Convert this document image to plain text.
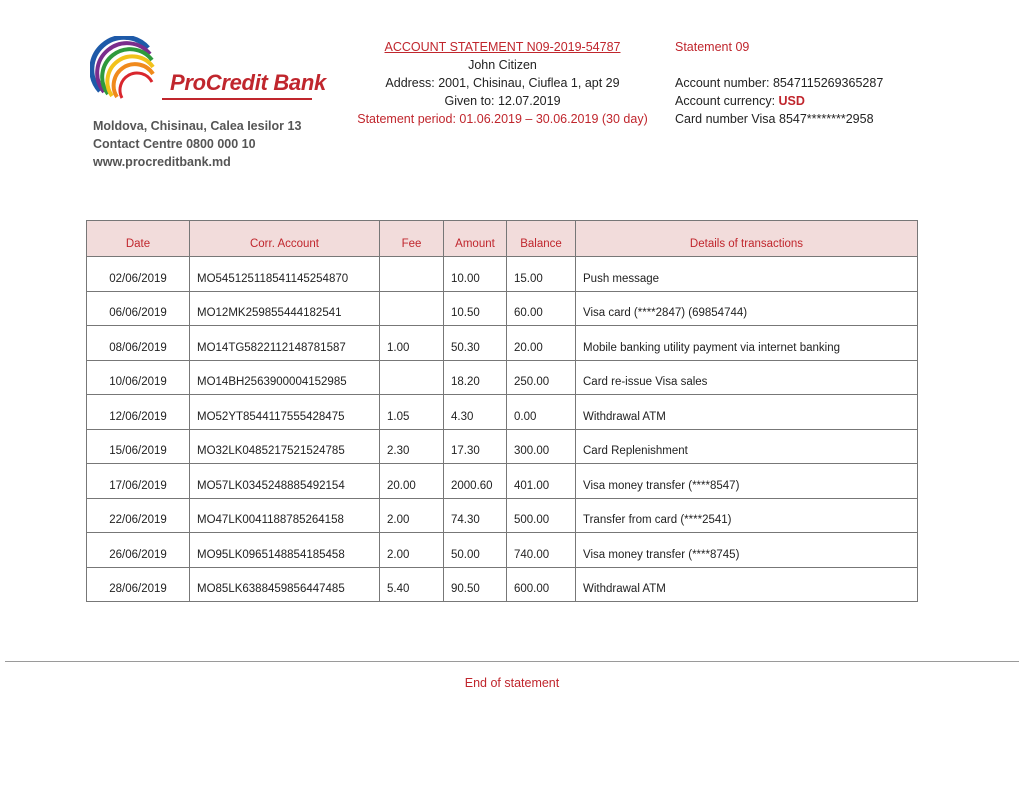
ProCredit Bank
Moldova, Chisinau, Calea Iesilor 13
Contact Centre 0800 000 10
www.procreditbank.md
ACCOUNT STATEMENT N09-2019-54787
John Citizen
Address: 2001, Chisinau, Ciuflea 1, apt 29
Given to: 12.07.2019
Statement period: 01.06.2019 – 30.06.2019 (30 day)
Statement 09
Account number: 8547115269365287
Account currency: USD
Card number Visa 8547********2958
Date	Corr. Account	Fee	Amount	Balance	Details of transactions
02/06/2019	MO545125118541145254870		10.00	15.00	Push message
06/06/2019	MO12MK259855444182541		10.50	60.00	Visa card (****2847) (69854744)
08/06/2019	MO14TG5822112148781587	1.00	50.30	20.00	Mobile banking utility payment via internet banking
10/06/2019	MO14BH2563900004152985		18.20	250.00	Card re-issue Visa sales
12/06/2019	MO52YT8544117555428475	1.05	4.30	0.00	Withdrawal ATM
15/06/2019	MO32LK0485217521524785	2.30	17.30	300.00	Card Replenishment
17/06/2019	MO57LK0345248885492154	20.00	2000.60	401.00	Visa money transfer (****8547)
22/06/2019	MO47LK0041188785264158	2.00	74.30	500.00	Transfer from card (****2541)
26/06/2019	MO95LK0965148854185458	2.00	50.00	740.00	Visa money transfer (****8745)
28/06/2019	MO85LK6388459856447485	5.40	90.50	600.00	Withdrawal ATM
End of statement
